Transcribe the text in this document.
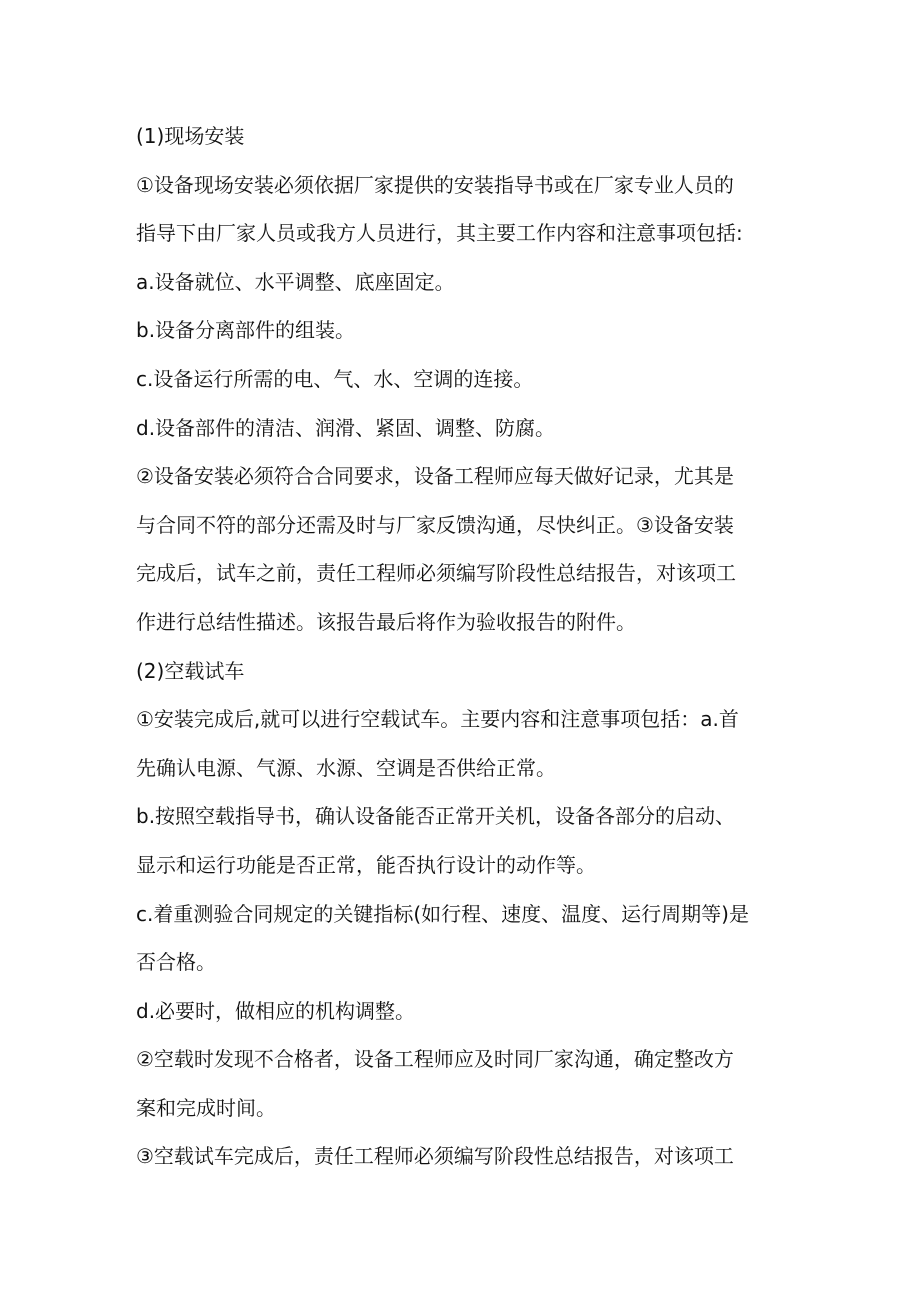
(1)现场安装
①设备现场安装必须依据厂家提供的安装指导书或在厂家专业人员的
指导下由厂家人员或我方人员进行，其主要工作内容和注意事项包括:
a.设备就位、水平调整、底座固定。
b.设备分离部件的组装。
c.设备运行所需的电、气、水、空调的连接。
d.设备部件的清洁、润滑、紧固、调整、防腐。
②设备安装必须符合合同要求，设备工程师应每天做好记录，尤其是
与合同不符的部分还需及时与厂家反馈沟通，尽快纠正。③设备安装
完成后，试车之前，责任工程师必须编写阶段性总结报告，对该项工
作进行总结性描述。该报告最后将作为验收报告的附件。
(2)空载试车
①安装完成后,就可以进行空载试车。主要内容和注意事项包括：a.首
先确认电源、气源、水源、空调是否供给正常。
b.按照空载指导书，确认设备能否正常开关机，设备各部分的启动、
显示和运行功能是否正常，能否执行设计的动作等。
c.着重测验合同规定的关键指标(如行程、速度、温度、运行周期等)是
否合格。
d.必要时，做相应的机构调整。
②空载时发现不合格者，设备工程师应及时同厂家沟通，确定整改方
案和完成时间。
③空载试车完成后，责任工程师必须编写阶段性总结报告，对该项工
